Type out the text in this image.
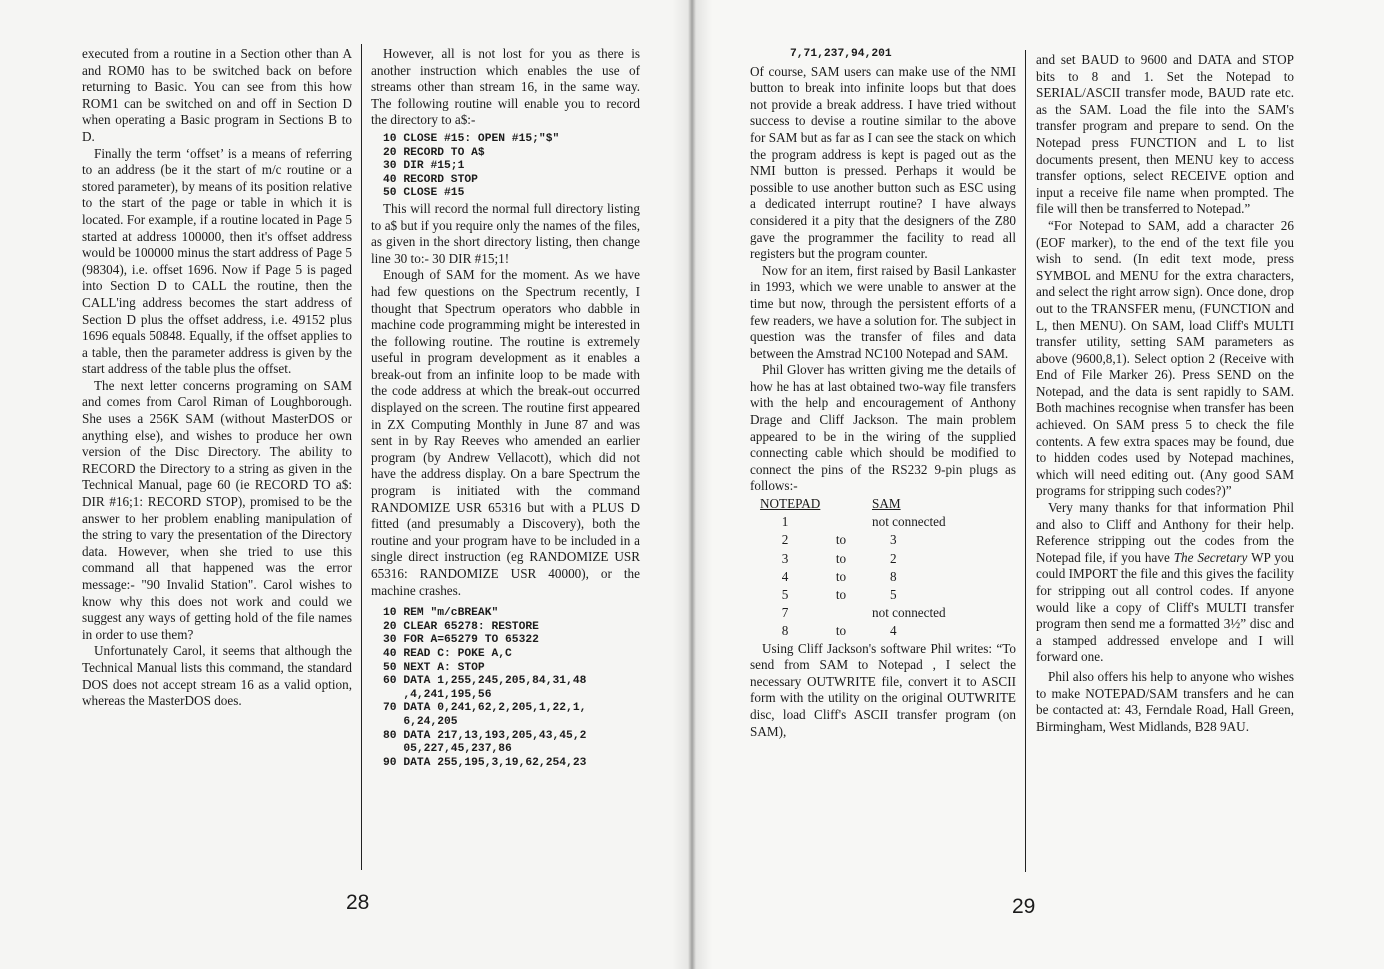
executed from a routine in a Section other than A and ROM0 has to be switched back on before returning to Basic. You can see from this how ROM1 can be switched on and off in Section D when operating a Basic program in Sections B to D.

Finally the term ‘offset’ is a means of referring to an address (be it the start of m/c routine or a stored parameter), by means of its position relative to the start of the page or table in which it is located. For example, if a routine located in Page 5 started at address 100000, then it's offset address would be 100000 minus the start address of Page 5 (98304), i.e. offset 1696. Now if Page 5 is paged into Section D to CALL the routine, then the CALL'ing address becomes the start address of Section D plus the offset address, i.e. 49152 plus 1696 equals 50848. Equally, if the offset applies to a table, then the parameter address is given by the start address of the table plus the offset.

The next letter concerns programing on SAM and comes from Carol Riman of Loughborough. She uses a 256K SAM (without MasterDOS or anything else), and wishes to produce her own version of the Disc Directory. The ability to RECORD the Directory to a string as given in the Technical Manual, page 60 (ie RECORD TO a$: DIR #16;1: RECORD STOP), promised to be the answer to her problem enabling manipulation of the string to vary the presentation of the Directory data. However, when she tried to use this command all that happened was the error message:- "90 Invalid Station". Carol wishes to know why this does not work and could we suggest any ways of getting hold of the file names in order to use them?

Unfortunately Carol, it seems that although the Technical Manual lists this command, the standard DOS does not accept stream 16 as a valid option, whereas the MasterDOS does.

However, all is not lost for you as there is another instruction which enables the use of streams other than stream 16, in the same way. The following routine will enable you to record the directory to a$:-

10 CLOSE #15: OPEN #15;"$"
20 RECORD TO A$
30 DIR #15;1
40 RECORD STOP
50 CLOSE #15

This will record the normal full directory listing to a$ but if you require only the names of the files, as given in the short directory listing, then change line 30 to:- 30 DIR #15;1!

Enough of SAM for the moment. As we have had few questions on the Spectrum recently, I thought that Spectrum operators who dabble in machine code programming might be interested in the following routine. The routine is extremely useful in program development as it enables a break-out from an infinite loop to be made with the code address at which the break-out occurred displayed on the screen. The routine first appeared in ZX Computing Monthly in June 87 and was sent in by Ray Reeves who amended an earlier program (by Andrew Vellacott), which did not have the address display. On a bare Spectrum the program is initiated with the command RANDOMIZE USR 65316 but with a PLUS D fitted (and presumably a Discovery), both the routine and your program have to be included in a single direct instruction (eg RANDOMIZE USR 65316: RANDOMIZE USR 40000), or the machine crashes.

10 REM "m/cBREAK"
20 CLEAR 65278: RESTORE
30 FOR A=65279 TO 65322
40 READ C: POKE A,C
50 NEXT A: STOP
60 DATA 1,255,245,205,84,31,48
,4,241,195,56
70 DATA 0,241,62,2,205,1,22,1,
6,24,205
80 DATA 217,13,193,205,43,45,2
05,227,45,237,86
90 DATA 255,195,3,19,62,254,23
28
7,71,237,94,201

Of course, SAM users can make use of the NMI button to break into infinite loops but that does not provide a break address. I have tried without success to devise a routine similar to the above for SAM but as far as I can see the stack on which the program address is kept is paged out as the NMI button is pressed. Perhaps it would be possible to use another button such as ESC using a dedicated interrupt routine? I have always considered it a pity that the designers of the Z80 gave the programmer the facility to read all registers but the program counter.

Now for an item, first raised by Basil Lankaster in 1993, which we were unable to answer at the time but now, through the persistent efforts of a few readers, we have a solution for. The subject in question was the transfer of files and data between the Amstrad NC100 Notepad and SAM.

Phil Glover has written giving me the details of how he has at last obtained two-way file transfers with the help and encouragement of Anthony Drage and Cliff Jackson. The main problem appeared to be in the wiring of the supplied connecting cable which should be modified to connect the pins of the RS232 9-pin plugs as follows:-

NOTEPAD	SAM
1		not connected
2	to	3
3	to	2
4	to	8
5	to	5
7		not connected
8	to	4

Using Cliff Jackson's software Phil writes: “To send from SAM to Notepad , I select the necessary OUTWRITE file, convert it to ASCII form with the utility on the original OUTWRITE disc, load Cliff's ASCII transfer program (on SAM),

and set BAUD to 9600 and DATA and STOP bits to 8 and 1. Set the Notepad to SERIAL/ASCII transfer mode, BAUD rate etc. as the SAM. Load the file into the SAM's transfer program and prepare to send. On the Notepad press FUNCTION and L to list documents present, then MENU key to access transfer options, select RECEIVE option and input a receive file name when prompted. The file will then be transferred to Notepad.”

“For Notepad to SAM, add a character 26 (EOF marker), to the end of the text file you wish to send. (In edit text mode, press SYMBOL and MENU for the extra characters, and select the right arrow sign). Once done, drop out to the TRANSFER menu, (FUNCTION and L, then MENU). On SAM, load Cliff's MULTI transfer utility, setting SAM parameters as above (9600,8,1). Select option 2 (Receive with End of File Marker 26). Press SEND on the Notepad, and the data is sent rapidly to SAM. Both machines recognise when transfer has been achieved. On SAM press 5 to check the file contents. A few extra spaces may be found, due to hidden codes used by Notepad machines, which will need editing out. (Any good SAM programs for stripping such codes?)”

Very many thanks for that information Phil and also to Cliff and Anthony for their help. Reference stripping out the codes from the Notepad file, if you have The Secretary WP you could IMPORT the file and this gives the facility for stripping out all control codes. If anyone would like a copy of Cliff's MULTI transfer program then send me a formatted 3½” disc and a stamped addressed envelope and I will forward one.

Phil also offers his help to anyone who wishes to make NOTEPAD/SAM transfers and he can be contacted at: 43, Ferndale Road, Hall Green, Birmingham, West Midlands, B28 9AU.

29
